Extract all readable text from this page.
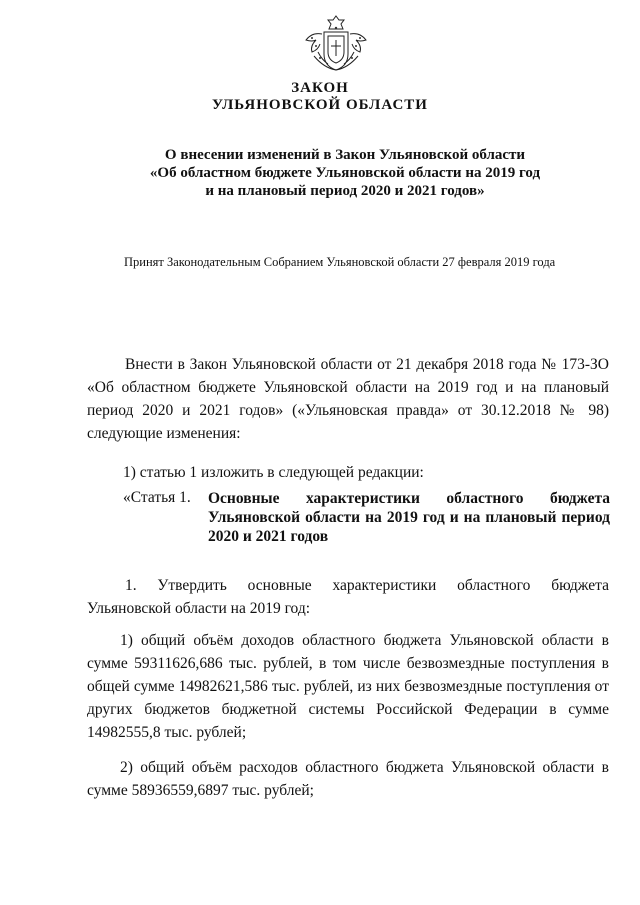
ЗАКОН
УЛЬЯНОВСКОЙ ОБЛАСТИ
О внесении изменений в Закон Ульяновской области
«Об областном бюджете Ульяновской области на 2019 год
и на плановый период 2020 и 2021 годов»
Принят Законодательным Собранием Ульяновской области 27 февраля 2019 года
Внести в Закон Ульяновской области от 21 декабря 2018 года № 173-ЗО «Об областном бюджете Ульяновской области на 2019 год и на плановый период 2020 и 2021 годов» («Ульяновская правда» от 30.12.2018 № 98) следующие изменения:
1) статью 1 изложить в следующей редакции:
«Статья 1. Основные характеристики областного бюджета Ульяновской области на 2019 год и на плановый период 2020 и 2021 годов
1. Утвердить основные характеристики областного бюджета Ульяновской области на 2019 год:
1) общий объём доходов областного бюджета Ульяновской области в сумме 59311626,686 тыс. рублей, в том числе безвозмездные поступления в общей сумме 14982621,586 тыс. рублей, из них безвозмездные поступления от других бюджетов бюджетной системы Российской Федерации в сумме 14982555,8 тыс. рублей;
2) общий объём расходов областного бюджета Ульяновской области в сумме 58936559,6897 тыс. рублей;
